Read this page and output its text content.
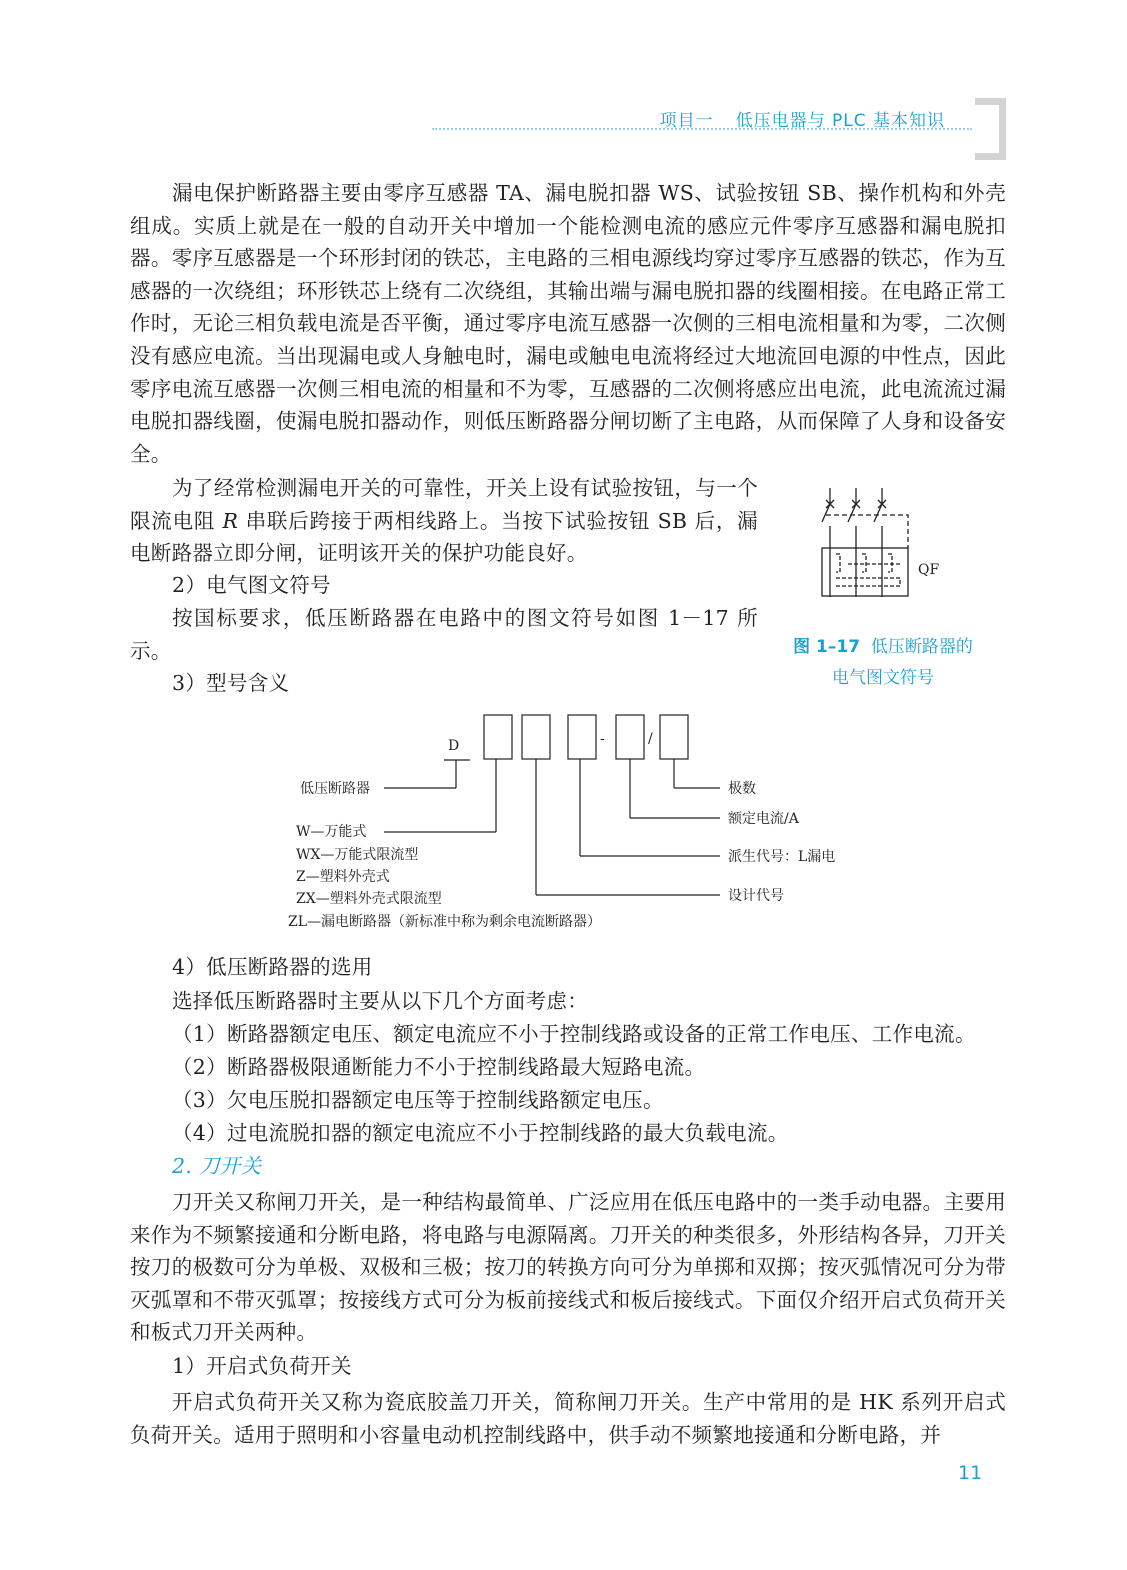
项目一 低压电器与 PLC 基本知识

漏电保护断路器主要由零序互感器 TA、漏电脱扣器 WS、试验按钮 SB、操作机构和外壳组成。实质上就是在一般的自动开关中增加一个能检测电流的感应元件零序互感器和漏电脱扣器。零序互感器是一个环形封闭的铁芯，主电路的三相电源线均穿过零序互感器的铁芯，作为互感器的一次绕组；环形铁芯上绕有二次绕组，其输出端与漏电脱扣器的线圈相接。在电路正常工作时，无论三相负载电流是否平衡，通过零序电流互感器一次侧的三相电流相量和为零，二次侧没有感应电流。当出现漏电或人身触电时，漏电或触电电流将经过大地流回电源的中性点，因此零序电流互感器一次侧三相电流的相量和不为零，互感器的二次侧将感应出电流，此电流流过漏电脱扣器线圈，使漏电脱扣器动作，则低压断路器分闸切断了主电路，从而保障了人身和设备安全。

为了经常检测漏电开关的可靠性，开关上设有试验按钮，与一个限流电阻 R 串联后跨接于两相线路上。当按下试验按钮 SB 后，漏电断路器立即分闸，证明该开关的保护功能良好。

2）电气图文符号

按国标要求，低压断路器在电路中的图文符号如图 1－17 所示。

3）型号含义
QF
图 1–17 低压断路器的
电气图文符号
D	-	/
低压断路器
W—万能式
WX—万能式限流型
Z—塑料外壳式
ZX—塑料外壳式限流型
ZL—漏电断路器（新标准中称为剩余电流断路器）
极数
额定电流/A
派生代号：L漏电
设计代号
4）低压断路器的选用
选择低压断路器时主要从以下几个方面考虑：
（1）断路器额定电压、额定电流应不小于控制线路或设备的正常工作电压、工作电流。
（2）断路器极限通断能力不小于控制线路最大短路电流。
（3）欠电压脱扣器额定电压等于控制线路额定电压。
（4）过电流脱扣器的额定电流应不小于控制线路的最大负载电流。
2. 刀开关

刀开关又称闸刀开关，是一种结构最简单、广泛应用在低压电路中的一类手动电器。主要用来作为不频繁接通和分断电路，将电路与电源隔离。刀开关的种类很多，外形结构各异，刀开关按刀的极数可分为单极、双极和三极；按刀的转换方向可分为单掷和双掷；按灭弧情况可分为带灭弧罩和不带灭弧罩；按接线方式可分为板前接线式和板后接线式。下面仅介绍开启式负荷开关和板式刀开关两种。

1）开启式负荷开关

开启式负荷开关又称为瓷底胶盖刀开关，简称闸刀开关。生产中常用的是 HK 系列开启式负荷开关。适用于照明和小容量电动机控制线路中，供手动不频繁地接通和分断电路，并

11
